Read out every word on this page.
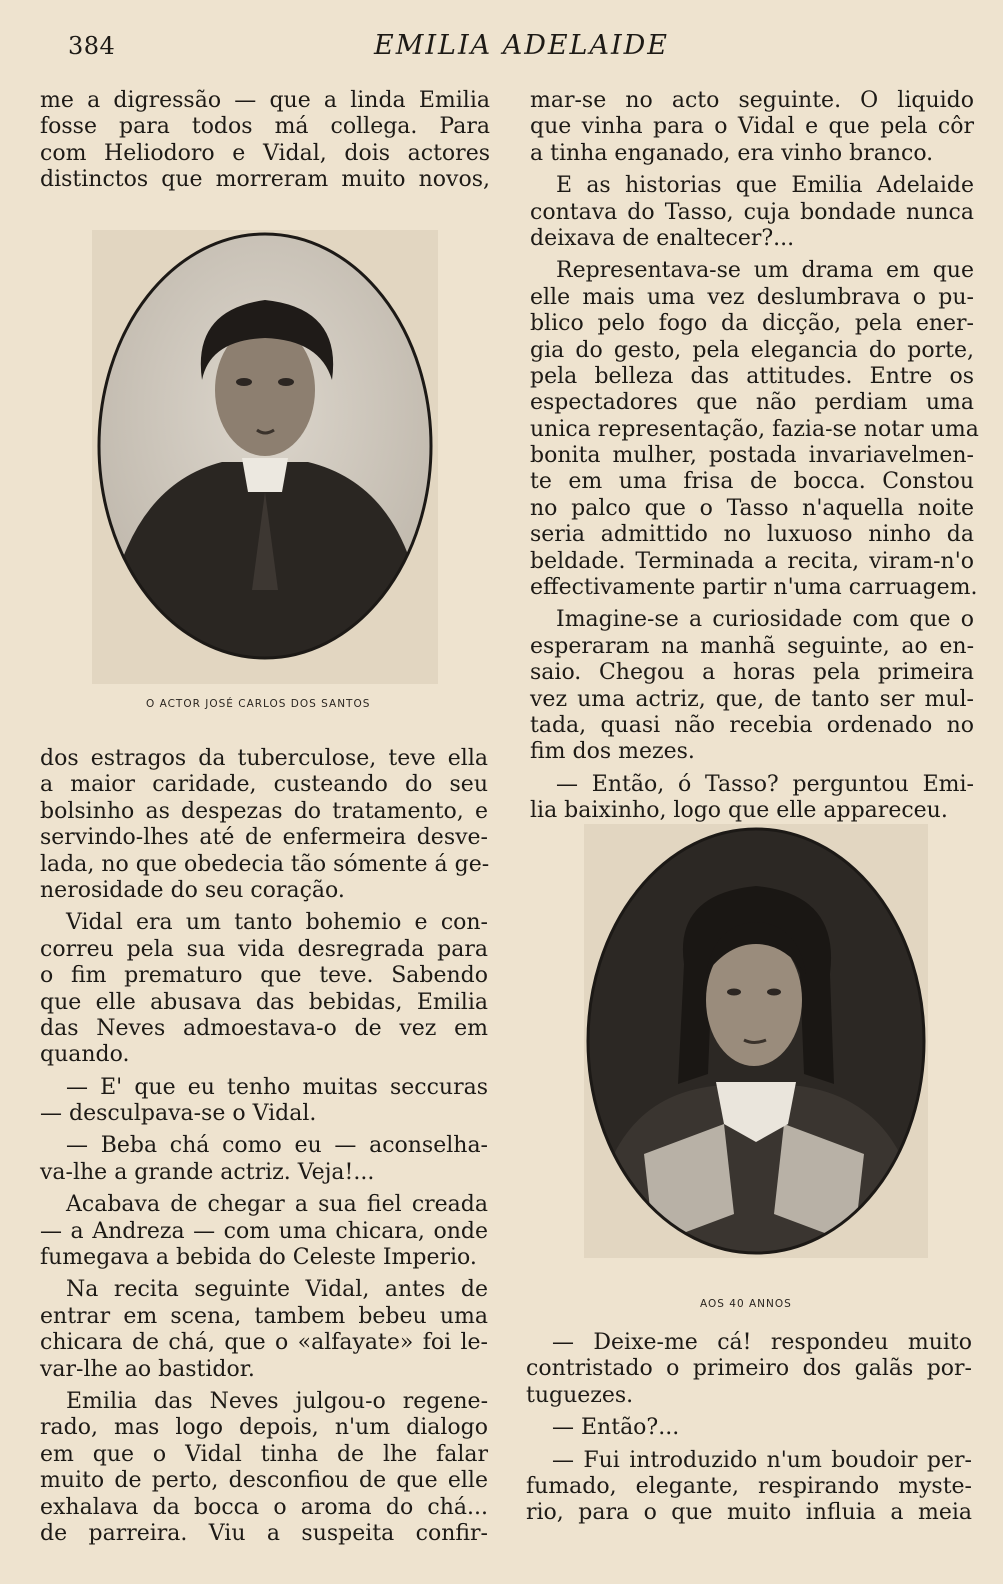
384	EMILIA ADELAIDE

me a digressão — que a linda Emilia

fosse para todos má collega. Para

com Heliodoro e Vidal, dois actores

distinctos que morreram muito novos,

O ACTOR JOSÉ CARLOS DOS SANTOS

dos estragos da tuberculose, teve ella

a maior caridade, custeando do seu

bolsinho as despezas do tratamento, e

servindo-lhes até de enfermeira desve-

lada, no que obedecia tão sómente á ge-

nerosidade do seu coração.

Vidal era um tanto bohemio e con-

correu pela sua vida desregrada para

o fim prematuro que teve. Sabendo

que elle abusava das bebidas, Emilia

das Neves admoestava-o de vez em

quando.

— E' que eu tenho muitas seccuras

— desculpava-se o Vidal.

— Beba chá como eu — aconselha-

va-lhe a grande actriz. Veja!...

Acabava de chegar a sua fiel creada

— a Andreza — com uma chicara, onde

fumegava a bebida do Celeste Imperio.

Na recita seguinte Vidal, antes de

entrar em scena, tambem bebeu uma

chicara de chá, que o «alfayate» foi le-

var-lhe ao bastidor.

Emilia das Neves julgou-o regene-

rado, mas logo depois, n'um dialogo

em que o Vidal tinha de lhe falar

muito de perto, desconfiou de que elle

exhalava da bocca o aroma do chá...

de parreira. Viu a suspeita confir-

mar-se no acto seguinte. O liquido

que vinha para o Vidal e que pela côr

a tinha enganado, era vinho branco.

E as historias que Emilia Adelaide

contava do Tasso, cuja bondade nunca

deixava de enaltecer?...

Representava-se um drama em que

elle mais uma vez deslumbrava o pu-

blico pelo fogo da dicção, pela ener-

gia do gesto, pela elegancia do porte,

pela belleza das attitudes. Entre os

espectadores que não perdiam uma

unica representação, fazia-se notar uma

bonita mulher, postada invariavelmen-

te em uma frisa de bocca. Constou

no palco que o Tasso n'aquella noite

seria admittido no luxuoso ninho da

beldade. Terminada a recita, viram-n'o

effectivamente partir n'uma carruagem.

Imagine-se a curiosidade com que o

esperaram na manhã seguinte, ao en-

saio. Chegou a horas pela primeira

vez uma actriz, que, de tanto ser mul-

tada, quasi não recebia ordenado no

fim dos mezes.

— Então, ó Tasso? perguntou Emi-

lia baixinho, logo que elle appareceu.

AOS 40 ANNOS

— Deixe-me cá! respondeu muito

contristado o primeiro dos galãs por-

tuguezes.

— Então?...

— Fui introduzido n'um boudoir per-

fumado, elegante, respirando myste-

rio, para o que muito influia a meia
